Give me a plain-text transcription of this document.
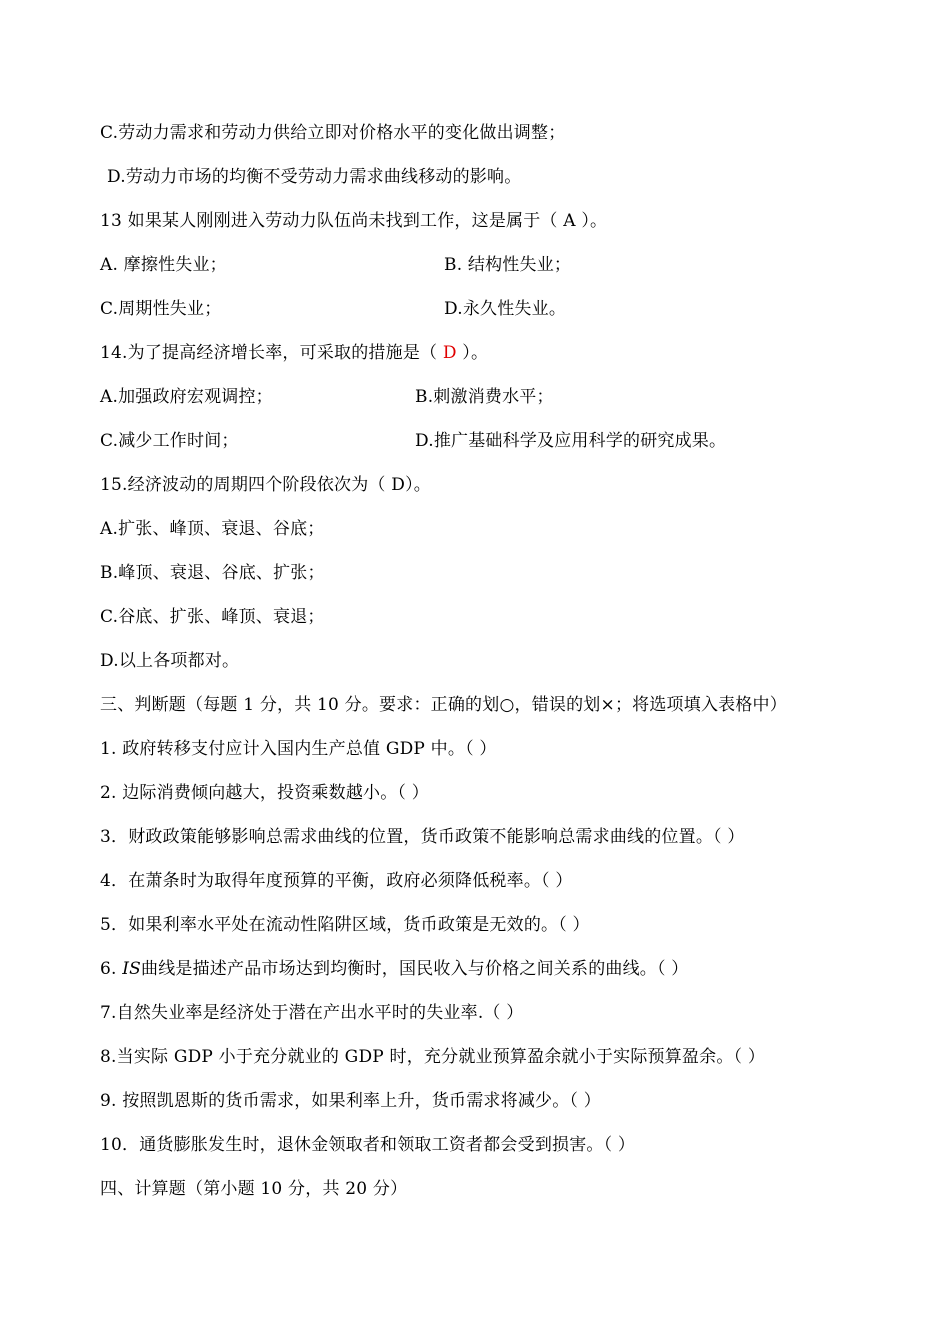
C.劳动力需求和劳动力供给立即对价格水平的变化做出调整；
D.劳动力市场的均衡不受劳动力需求曲线移动的影响。
13 如果某人刚刚进入劳动力队伍尚未找到工作，这是属于（ A ）。
A. 摩擦性失业；	B. 结构性失业；
C.周期性失业；	D.永久性失业。
14.为了提高经济增长率，可采取的措施是（ D ）。
A.加强政府宏观调控；	B.刺激消费水平；
C.减少工作时间；	D.推广基础科学及应用科学的研究成果。
15.经济波动的周期四个阶段依次为（ D）。
A.扩张、峰顶、衰退、谷底；
B.峰顶、衰退、谷底、扩张；
C.谷底、扩张、峰顶、衰退；
D.以上各项都对。
三、判断题（每题 1 分，共 10 分。要求：正确的划○，错误的划×；将选项填入表格中）
1. 政府转移支付应计入国内生产总值 GDP 中。（ ）
2. 边际消费倾向越大，投资乘数越小。（ ）
3．财政政策能够影响总需求曲线的位置，货币政策不能影响总需求曲线的位置。（ ）
4．在萧条时为取得年度预算的平衡，政府必须降低税率。（ ）
5．如果利率水平处在流动性陷阱区域，货币政策是无效的。（ ）
6. IS曲线是描述产品市场达到均衡时，国民收入与价格之间关系的曲线。（ ）
7.自然失业率是经济处于潜在产出水平时的失业率.（ ）
8.当实际 GDP 小于充分就业的 GDP 时，充分就业预算盈余就小于实际预算盈余。（ ）
9. 按照凯恩斯的货币需求，如果利率上升，货币需求将减少。（ ）
10．通货膨胀发生时，退休金领取者和领取工资者都会受到损害。（ ）
四、计算题（第小题 10 分，共 20 分）
